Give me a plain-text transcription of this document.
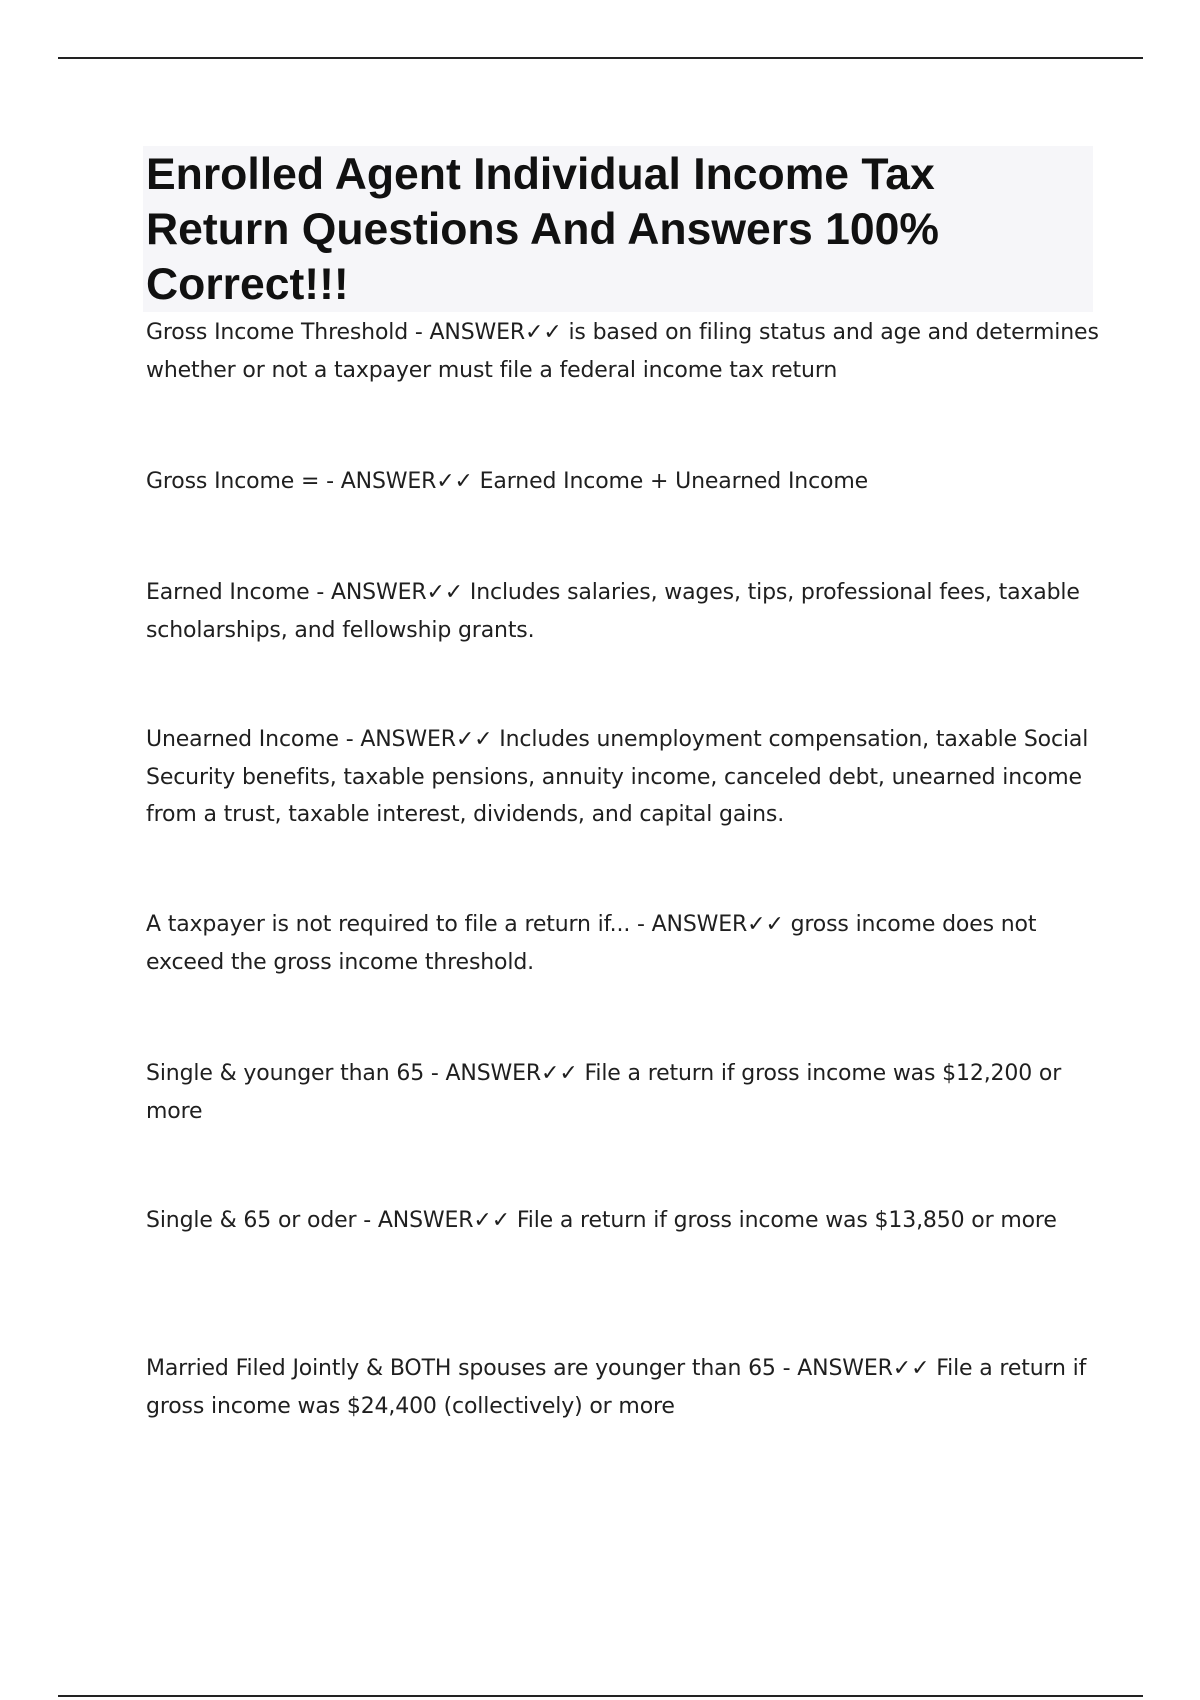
Enrolled Agent Individual Income Tax Return Questions And Answers 100% Correct!!!

Gross Income Threshold - ANSWER✓✓ is based on filing status and age and determines whether or not a taxpayer must file a federal income tax return

Gross Income = - ANSWER✓✓ Earned Income + Unearned Income

Earned Income - ANSWER✓✓ Includes salaries, wages, tips, professional fees, taxable scholarships, and fellowship grants.

Unearned Income - ANSWER✓✓ Includes unemployment compensation, taxable Social Security benefits, taxable pensions, annuity income, canceled debt, unearned income from a trust, taxable interest, dividends, and capital gains.

A taxpayer is not required to file a return if... - ANSWER✓✓ gross income does not exceed the gross income threshold.

Single & younger than 65 - ANSWER✓✓ File a return if gross income was $12,200 or more

Single & 65 or oder - ANSWER✓✓ File a return if gross income was $13,850 or more

Married Filed Jointly & BOTH spouses are younger than 65 - ANSWER✓✓ File a return if gross income was $24,400 (collectively) or more
